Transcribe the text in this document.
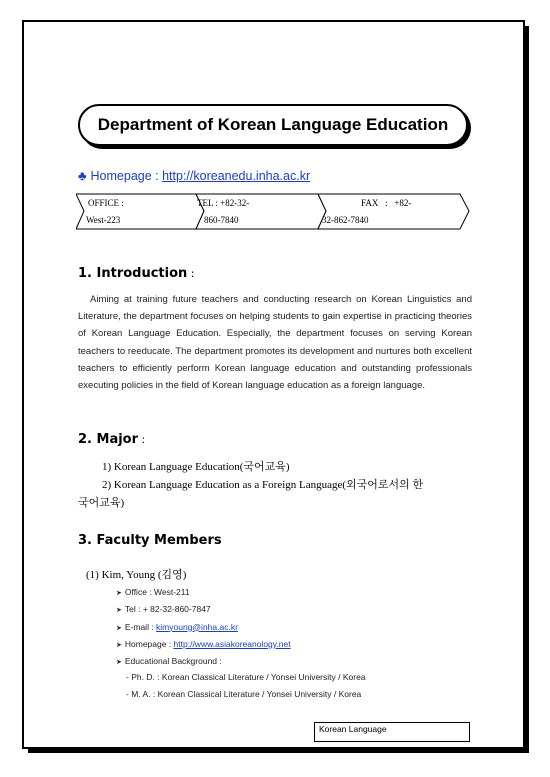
Department of Korean Language Education
♣ Homepage : http://koreanedu.inha.ac.kr
OFFICE :
West-223
TEL : +82-32-
860-7840
FAX   :   +82-
32-862-7840
1. Introduction :
Aiming at training future teachers and conducting research on Korean Linguistics and Literature, the department focuses on helping students to gain expertise in practicing theories of Korean Language Education. Especially, the department focuses on serving Korean teachers to reeducate. The department promotes its development and nurtures both excellent teachers to efficiently perform Korean language education and outstanding professionals executing policies in the field of Korean language education as a foreign language.
2. Major :
1) Korean Language Education(국어교육)
2) Korean Language Education as a Foreign Language(외국어로서의 한
국어교육)
3. Faculty Members
(1) Kim, Young (김영)
➤ Office : West-211
➤ Tel : + 82-32-860-7847
➤ E-mail : kimyoung@inha.ac.kr
➤ Homepage : http://www.asiakoreanology.net
➤ Educational Background :
- Ph. D. : Korean Classical Literature / Yonsei University / Korea
- M. A. : Korean Classical Literature / Yonsei University / Korea
Korean Language
